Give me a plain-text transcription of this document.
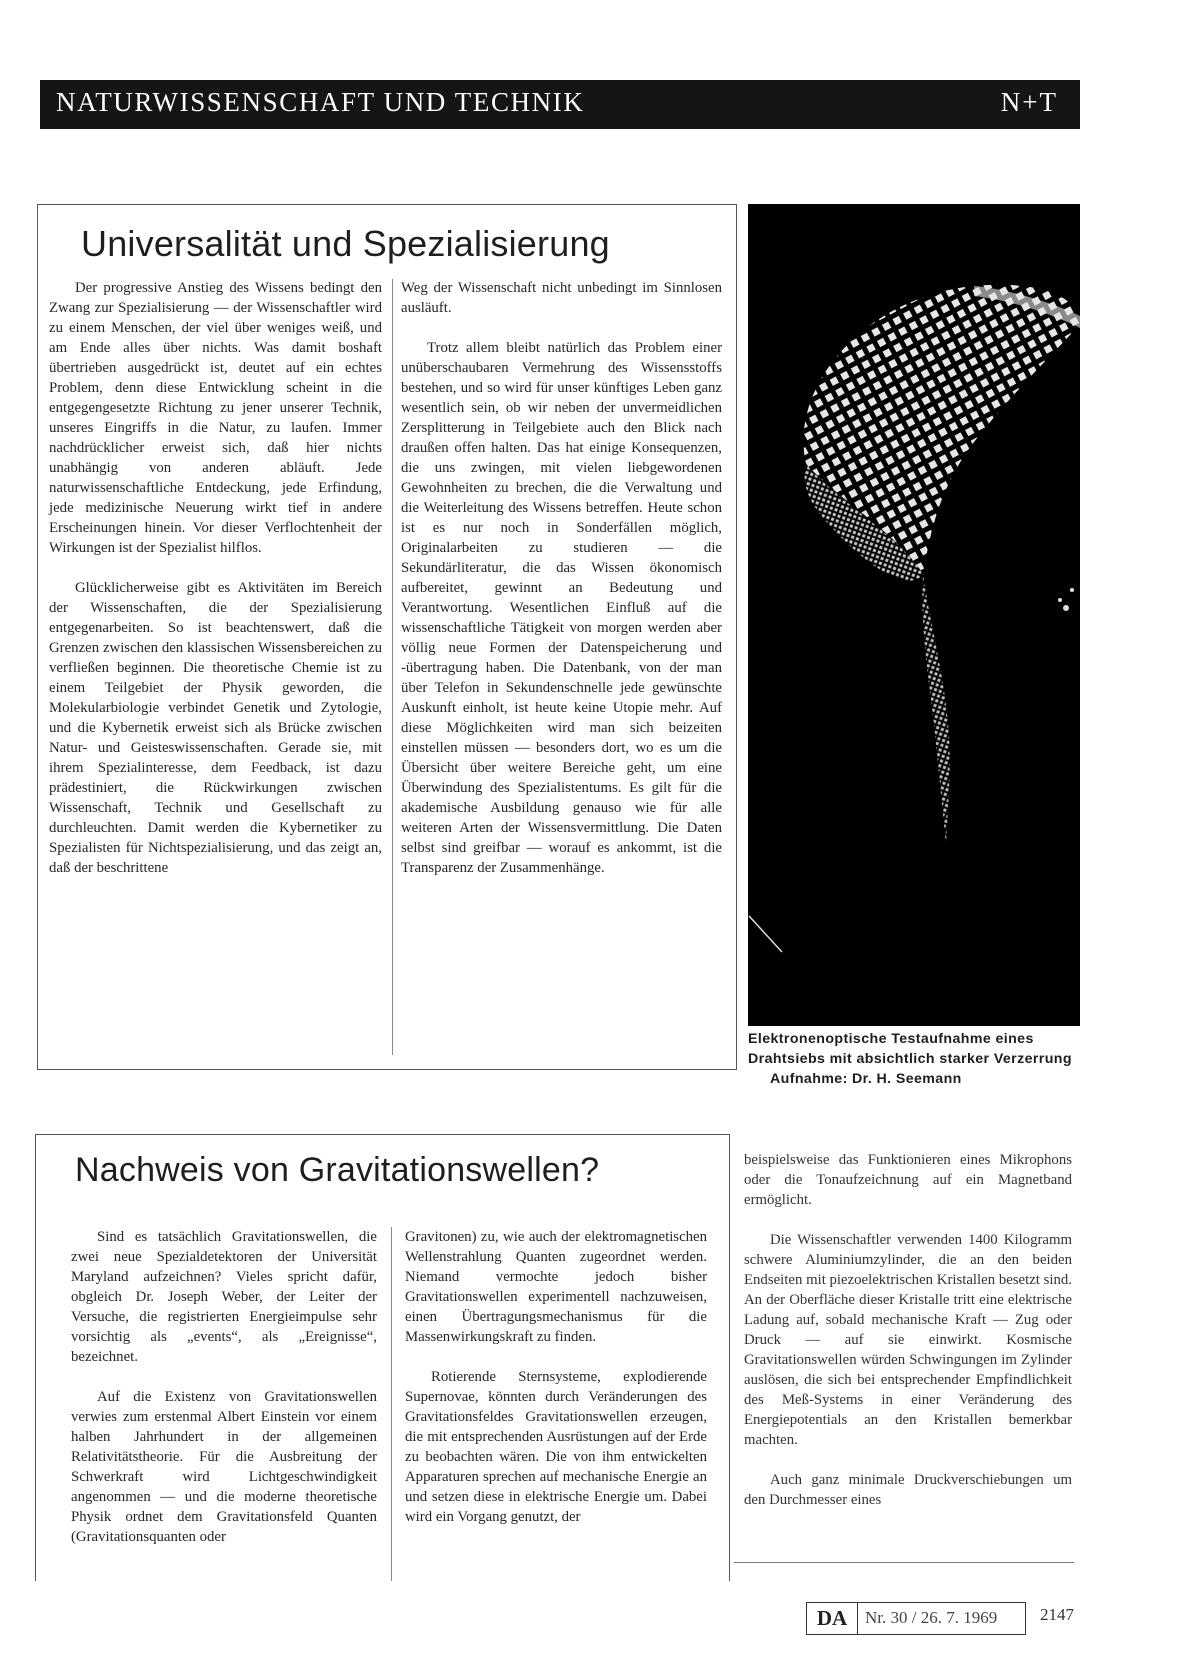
NATURWISSENSCHAFT UND TECHNIK	N+T
Universalität und Spezialisierung

Der progressive Anstieg des Wissens bedingt den Zwang zur Spezialisierung — der Wissenschaftler wird zu einem Menschen, der viel über weniges weiß, und am Ende alles über nichts. Was damit boshaft übertrieben ausgedrückt ist, deutet auf ein echtes Problem, denn diese Entwicklung scheint in die entgegengesetzte Richtung zu jener unserer Technik, unseres Eingriffs in die Natur, zu laufen. Immer nachdrücklicher erweist sich, daß hier nichts unabhängig von anderen abläuft. Jede naturwissenschaftliche Entdeckung, jede Erfindung, jede medizinische Neuerung wirkt tief in andere Erscheinungen hinein. Vor dieser Verflochtenheit der Wirkungen ist der Spezialist hilflos.

Glücklicherweise gibt es Aktivitäten im Bereich der Wissenschaften, die der Spezialisierung entgegenarbeiten. So ist beachtenswert, daß die Grenzen zwischen den klassischen Wissensbereichen zu verfließen beginnen. Die theoretische Chemie ist zu einem Teilgebiet der Physik geworden, die Molekularbiologie verbindet Genetik und Zytologie, und die Kybernetik erweist sich als Brücke zwischen Natur- und Geisteswissenschaften. Gerade sie, mit ihrem Spezialinteresse, dem Feedback, ist dazu prädestiniert, die Rückwirkungen zwischen Wissenschaft, Technik und Gesellschaft zu durchleuchten. Damit werden die Kybernetiker zu Spezialisten für Nichtspezialisierung, und das zeigt an, daß der beschrittene

Weg der Wissenschaft nicht unbedingt im Sinnlosen ausläuft.

Trotz allem bleibt natürlich das Problem einer unüberschaubaren Vermehrung des Wissensstoffs bestehen, und so wird für unser künftiges Leben ganz wesentlich sein, ob wir neben der unvermeidlichen Zersplitterung in Teilgebiete auch den Blick nach draußen offen halten. Das hat einige Konsequenzen, die uns zwingen, mit vielen liebgewordenen Gewohnheiten zu brechen, die die Verwaltung und die Weiterleitung des Wissens betreffen. Heute schon ist es nur noch in Sonderfällen möglich, Originalarbeiten zu studieren — die Sekundärliteratur, die das Wissen ökonomisch aufbereitet, gewinnt an Bedeutung und Verantwortung. Wesentlichen Einfluß auf die wissenschaftliche Tätigkeit von morgen werden aber völlig neue Formen der Datenspeicherung und -übertragung haben. Die Datenbank, von der man über Telefon in Sekundenschnelle jede gewünschte Auskunft einholt, ist heute keine Utopie mehr. Auf diese Möglichkeiten wird man sich beizeiten einstellen müssen — besonders dort, wo es um die Übersicht über weitere Bereiche geht, um eine Überwindung des Spezialistentums. Es gilt für die akademische Ausbildung genauso wie für alle weiteren Arten der Wissensvermittlung. Die Daten selbst sind greifbar — worauf es ankommt, ist die Transparenz der Zusammenhänge.

Elektronenoptische Testaufnahme eines Drahtsiebs mit absichtlich starker Verzerrung Aufnahme: Dr. H. Seemann
Nachweis von Gravitationswellen?

Sind es tatsächlich Gravitationswellen, die zwei neue Spezialdetektoren der Universität Maryland aufzeichnen? Vieles spricht dafür, obgleich Dr. Joseph Weber, der Leiter der Versuche, die registrierten Energieimpulse sehr vorsichtig als „events“, als „Ereignisse“, bezeichnet.

Auf die Existenz von Gravitationswellen verwies zum erstenmal Albert Einstein vor einem halben Jahrhundert in der allgemeinen Relativitätstheorie. Für die Ausbreitung der Schwerkraft wird Lichtgeschwindigkeit angenommen — und die moderne theoretische Physik ordnet dem Gravitationsfeld Quanten (Gravitationsquanten oder

Gravitonen) zu, wie auch der elektromagnetischen Wellenstrahlung Quanten zugeordnet werden. Niemand vermochte jedoch bisher Gravitationswellen experimentell nachzuweisen, einen Übertragungsmechanismus für die Massenwirkungskraft zu finden.

Rotierende Sternsysteme, explodierende Supernovae, könnten durch Veränderungen des Gravitationsfeldes Gravitationswellen erzeugen, die mit entsprechenden Ausrüstungen auf der Erde zu beobachten wären. Die von ihm entwickelten Apparaturen sprechen auf mechanische Energie an und setzen diese in elektrische Energie um. Dabei wird ein Vorgang genutzt, der

beispielsweise das Funktionieren eines Mikrophons oder die Tonaufzeichnung auf ein Magnetband ermöglicht.

Die Wissenschaftler verwenden 1400 Kilogramm schwere Aluminiumzylinder, die an den beiden Endseiten mit piezoelektrischen Kristallen besetzt sind. An der Oberfläche dieser Kristalle tritt eine elektrische Ladung auf, sobald mechanische Kraft — Zug oder Druck — auf sie einwirkt. Kosmische Gravitationswellen würden Schwingungen im Zylinder auslösen, die sich bei entsprechender Empfindlichkeit des Meß-Systems in einer Veränderung des Energiepotentials an den Kristallen bemerkbar machten.

Auch ganz minimale Druckverschiebungen um den Durchmesser eines

DA	Nr. 30 / 26. 7. 1969	2147
